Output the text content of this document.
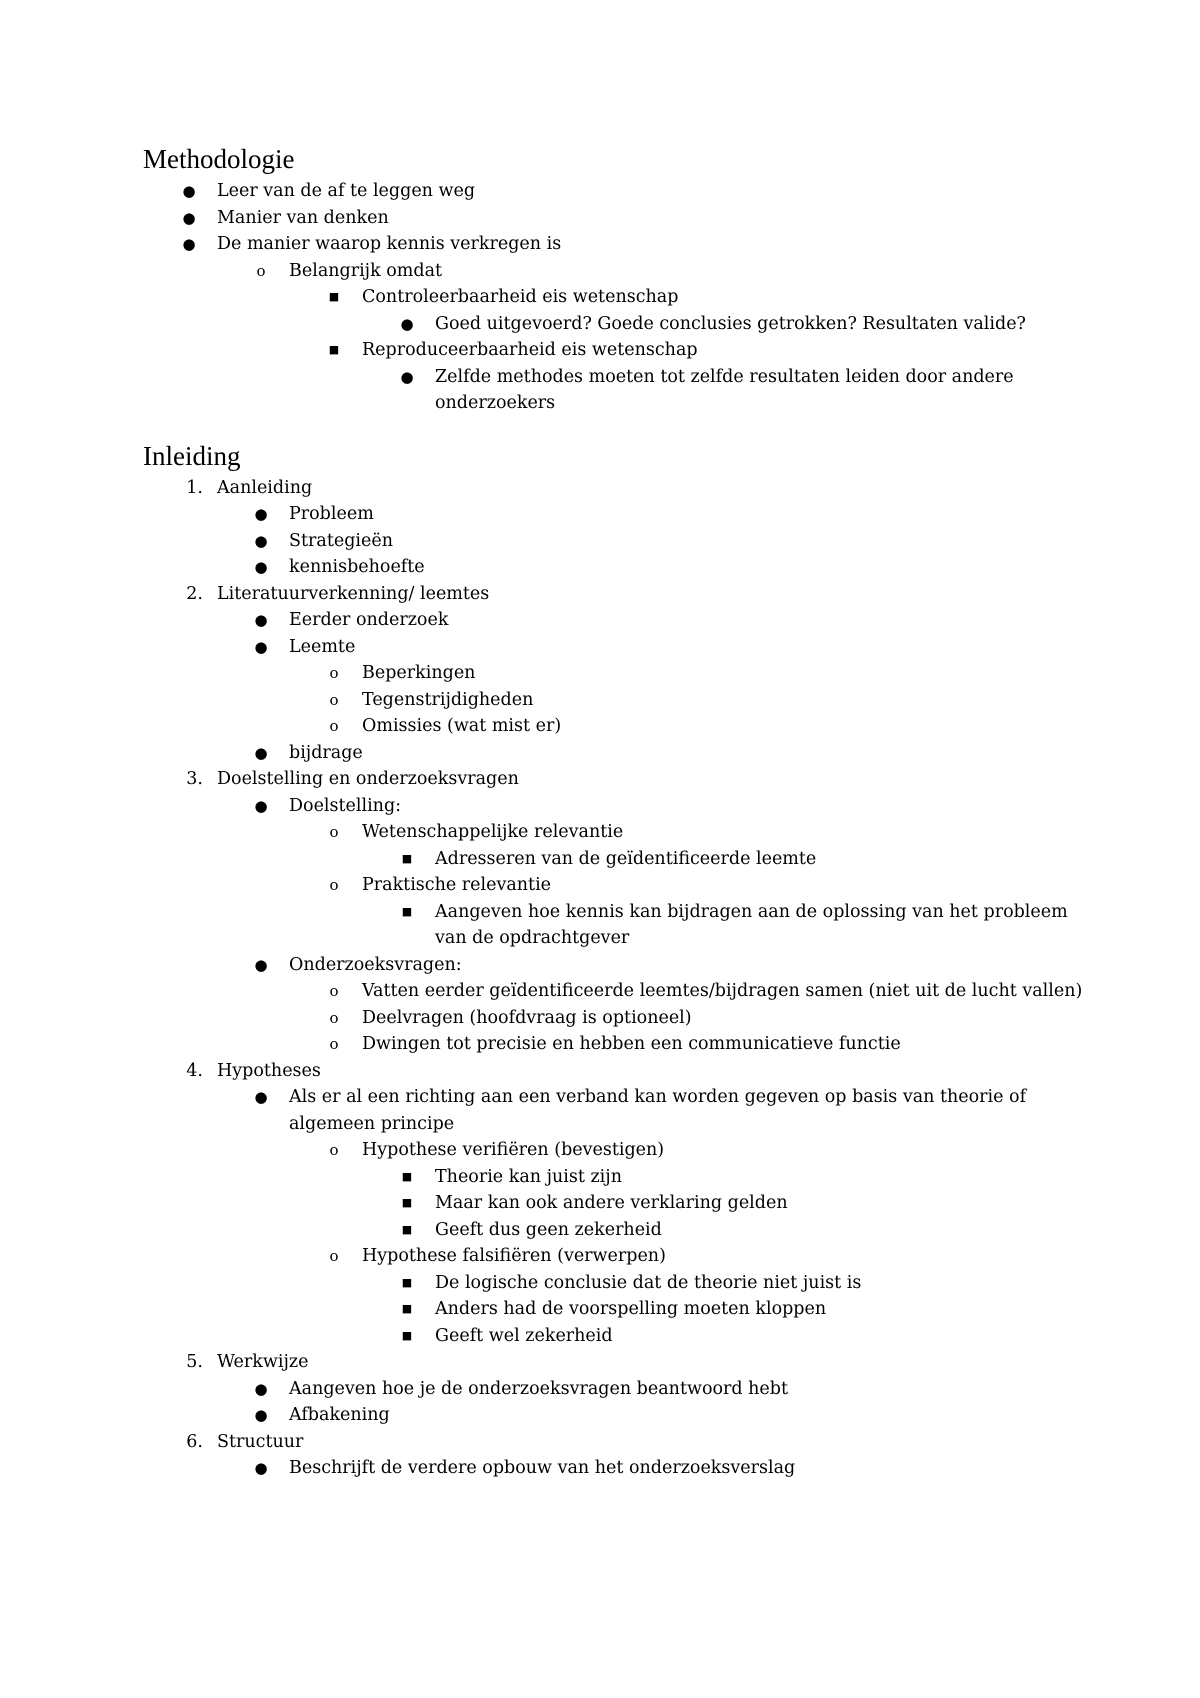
Methodologie
●	Leer van de af te leggen weg
●	Manier van denken
●	De manier waarop kennis verkregen is
o	Belangrijk omdat
■	Controleerbaarheid eis wetenschap
●	Goed uitgevoerd? Goede conclusies getrokken? Resultaten valide?
■	Reproduceerbaarheid eis wetenschap
●	Zelfde methodes moeten tot zelfde resultaten leiden door andere onderzoekers
Inleiding
1. Aanleiding
●	Probleem
●	Strategieën
●	kennisbehoefte
2. Literatuurverkenning/ leemtes
●	Eerder onderzoek
●	Leemte
o	Beperkingen
o	Tegenstrijdigheden
o	Omissies (wat mist er)
●	bijdrage
3. Doelstelling en onderzoeksvragen
●	Doelstelling:
o	Wetenschappelijke relevantie
■	Adresseren van de geïdentificeerde leemte
o	Praktische relevantie
■	Aangeven hoe kennis kan bijdragen aan de oplossing van het probleem van de opdrachtgever
●	Onderzoeksvragen:
o	Vatten eerder geïdentificeerde leemtes/bijdragen samen (niet uit de lucht vallen)
o	Deelvragen (hoofdvraag is optioneel)
o	Dwingen tot precisie en hebben een communicatieve functie
4. Hypotheses
●	Als er al een richting aan een verband kan worden gegeven op basis van theorie of algemeen principe
o	Hypothese verifiëren (bevestigen)
■	Theorie kan juist zijn
■	Maar kan ook andere verklaring gelden
■	Geeft dus geen zekerheid
o	Hypothese falsifiëren (verwerpen)
■	De logische conclusie dat de theorie niet juist is
■	Anders had de voorspelling moeten kloppen
■	Geeft wel zekerheid
5. Werkwijze
●	Aangeven hoe je de onderzoeksvragen beantwoord hebt
●	Afbakening
6. Structuur
●	Beschrijft de verdere opbouw van het onderzoeksverslag
